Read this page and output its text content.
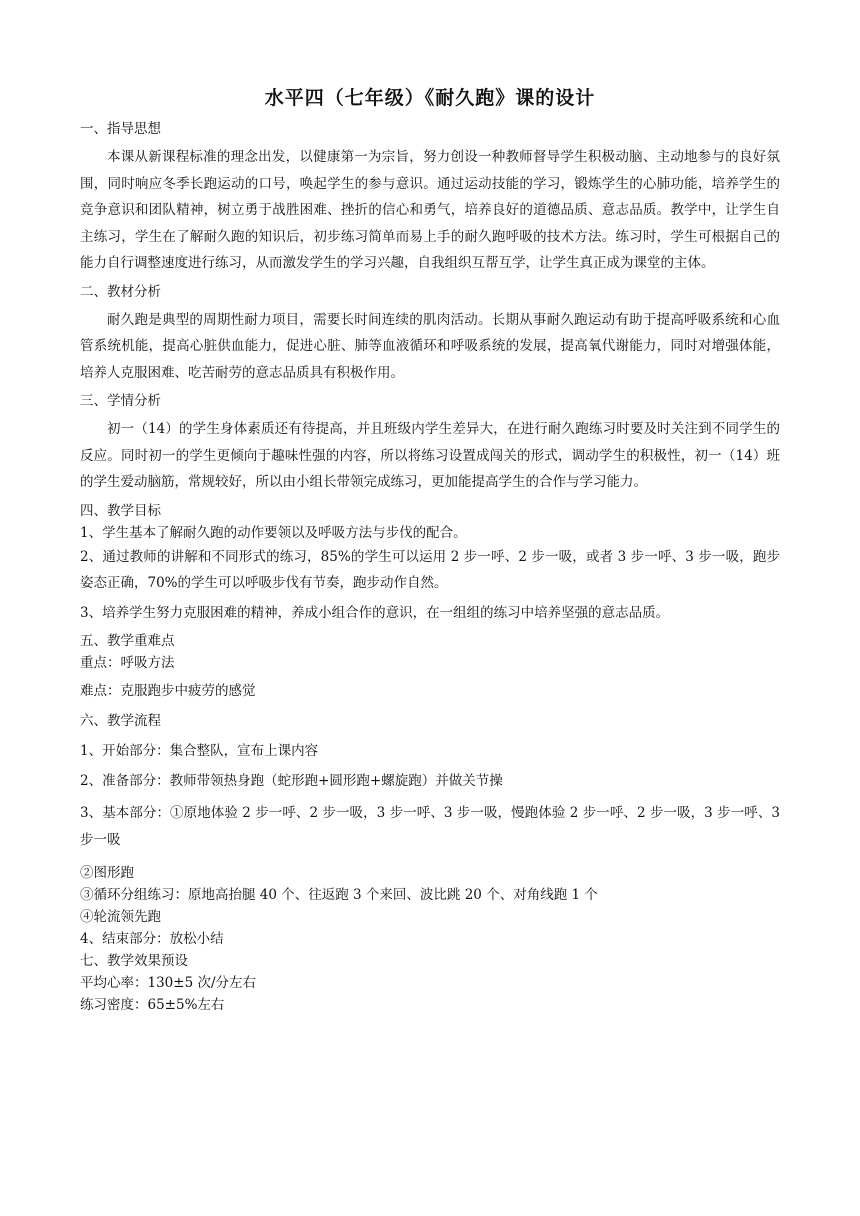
水平四（七年级）《耐久跑》课的设计

一、指导思想

本课从新课程标准的理念出发，以健康第一为宗旨，努力创设一种教师督导学生积极动脑、主动地参与的良好氛围，同时响应冬季长跑运动的口号，唤起学生的参与意识。通过运动技能的学习，锻炼学生的心肺功能，培养学生的竞争意识和团队精神，树立勇于战胜困难、挫折的信心和勇气，培养良好的道德品质、意志品质。教学中，让学生自主练习，学生在了解耐久跑的知识后，初步练习简单而易上手的耐久跑呼吸的技术方法。练习时，学生可根据自己的能力自行调整速度进行练习，从而激发学生的学习兴趣，自我组织互帮互学，让学生真正成为课堂的主体。

二、教材分析

耐久跑是典型的周期性耐力项目，需要长时间连续的肌肉活动。长期从事耐久跑运动有助于提高呼吸系统和心血管系统机能，提高心脏供血能力，促进心脏、肺等血液循环和呼吸系统的发展，提高氧代谢能力，同时对增强体能，培养人克服困难、吃苦耐劳的意志品质具有积极作用。

三、学情分析

初一（14）的学生身体素质还有待提高，并且班级内学生差异大，在进行耐久跑练习时要及时关注到不同学生的反应。同时初一的学生更倾向于趣味性强的内容，所以将练习设置成闯关的形式，调动学生的积极性，初一（14）班的学生爱动脑筋，常规较好，所以由小组长带领完成练习，更加能提高学生的合作与学习能力。

四、教学目标

1、学生基本了解耐久跑的动作要领以及呼吸方法与步伐的配合。

2、通过教师的讲解和不同形式的练习，85%的学生可以运用 2 步一呼、2 步一吸，或者 3 步一呼、3 步一吸，跑步姿态正确，70%的学生可以呼吸步伐有节奏，跑步动作自然。

3、培养学生努力克服困难的精神，养成小组合作的意识，在一组组的练习中培养坚强的意志品质。

五、教学重难点

重点：呼吸方法

难点：克服跑步中疲劳的感觉

六、教学流程

1、开始部分：集合整队，宣布上课内容

2、准备部分：教师带领热身跑（蛇形跑+圆形跑+螺旋跑）并做关节操

3、基本部分：①原地体验 2 步一呼、2 步一吸，3 步一呼、3 步一吸，慢跑体验 2 步一呼、2 步一吸，3 步一呼、3 步一吸

②图形跑

③循环分组练习：原地高抬腿 40 个、往返跑 3 个来回、波比跳 20 个、对角线跑 1 个

④轮流领先跑

4、结束部分：放松小结

七、教学效果预设

平均心率：130±5 次/分左右

练习密度：65±5%左右
